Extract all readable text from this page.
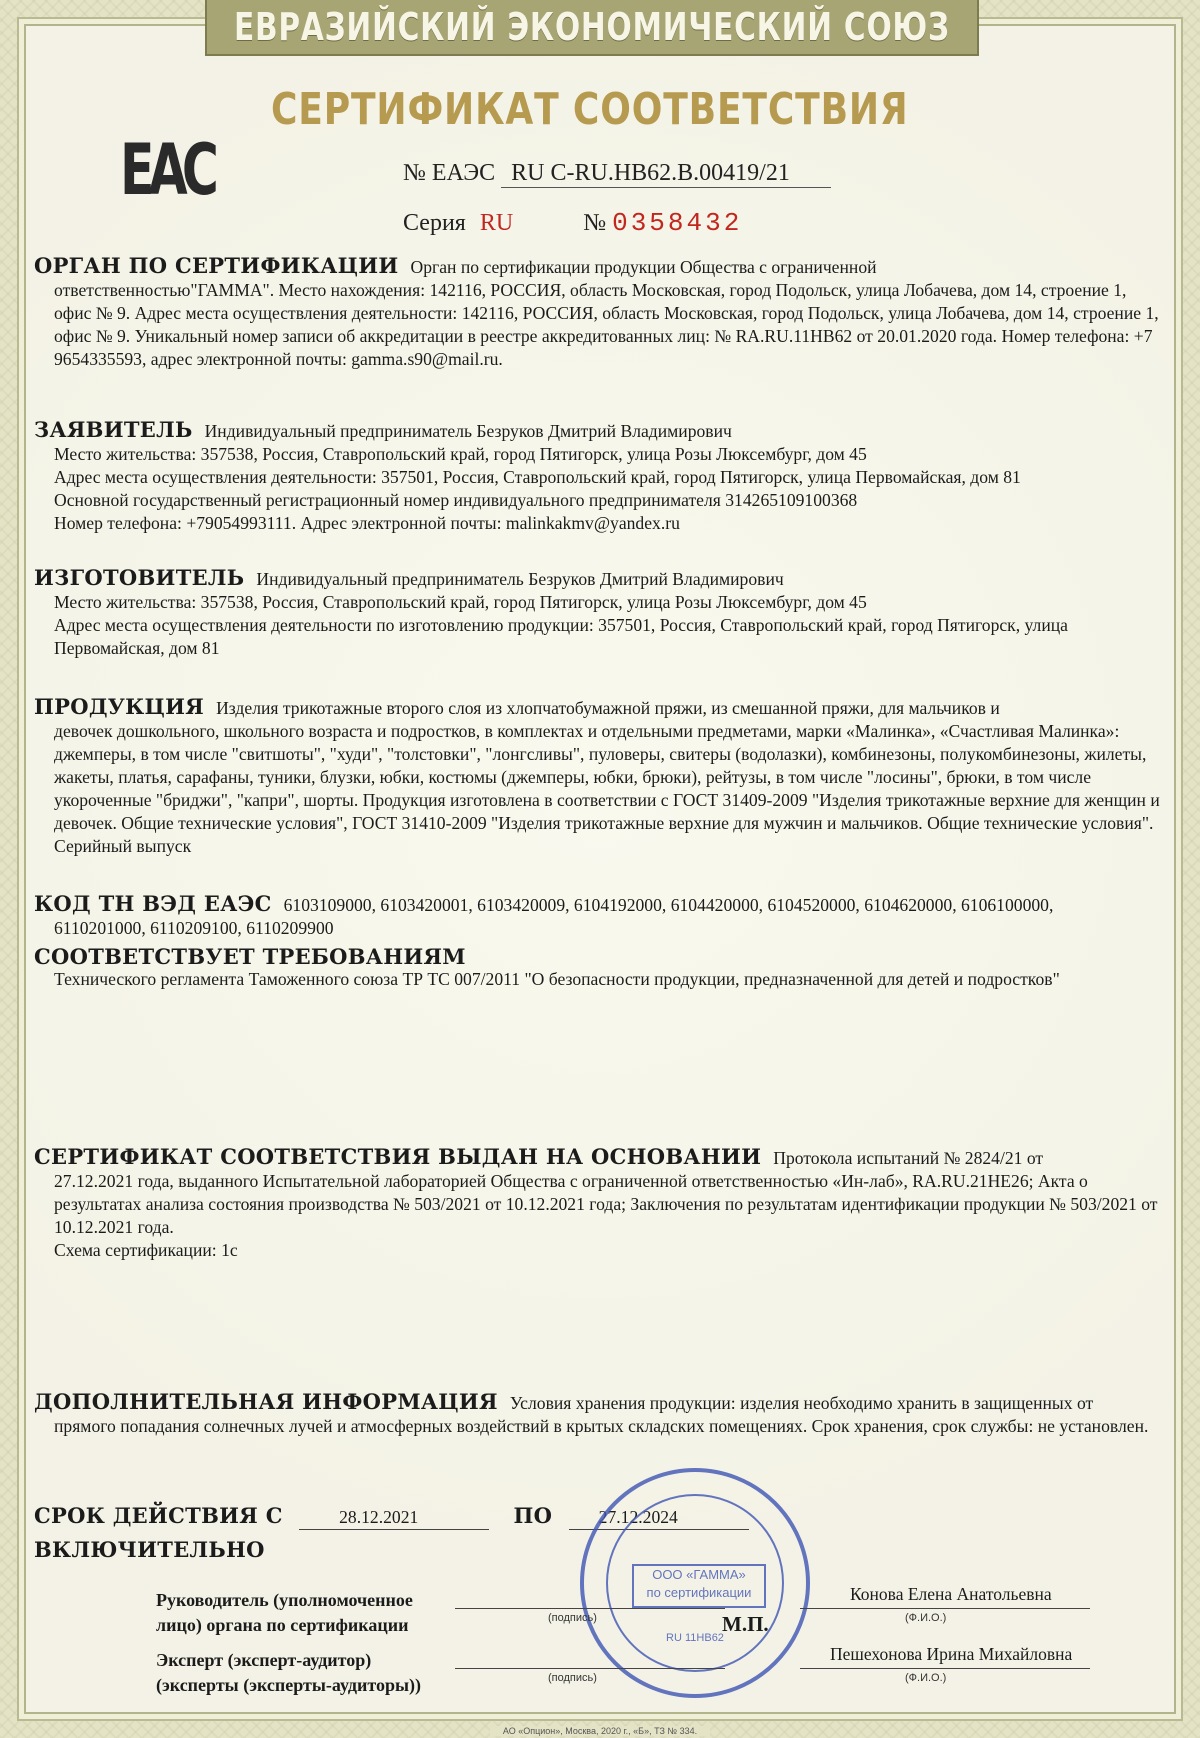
ЕВРАЗИЙСКИЙ ЭКОНОМИЧЕСКИЙ СОЮЗ
СЕРТИФИКАТ СООТВЕТСТВИЯ
ЕАС	№ ЕАЭС RU C-RU.HB62.B.00419/21
Серия RU	№ 0358432
ОРГАН ПО СЕРТИФИКАЦИИ Орган по сертификации продукции Общества с ограниченной
ответственностью"ГАММА". Место нахождения: 142116, РОССИЯ, область Московская, город Подольск, улица Лобачева, дом 14, строение 1, офис № 9. Адрес места осуществления деятельности: 142116, РОССИЯ, область Московская, город Подольск, улица Лобачева, дом 14, строение 1, офис № 9. Уникальный номер записи об аккредитации в реестре аккредитованных лиц: № RA.RU.11HB62 от 20.01.2020 года. Номер телефона: +7 9654335593, адрес электронной почты: gamma.s90@mail.ru.
ЗАЯВИТЕЛЬ Индивидуальный предприниматель Безруков Дмитрий Владимирович

Место жительства: 357538, Россия, Ставропольский край, город Пятигорск, улица Розы Люксембург, дом 45

Адрес места осуществления деятельности: 357501, Россия, Ставропольский край, город Пятигорск, улица Первомайская, дом 81

Основной государственный регистрационный номер индивидуального предпринимателя 314265109100368

Номер телефона: +79054993111. Адрес электронной почты: malinkakmv@yandex.ru

ИЗГОТОВИТЕЛЬ Индивидуальный предприниматель Безруков Дмитрий Владимирович

Место жительства: 357538, Россия, Ставропольский край, город Пятигорск, улица Розы Люксембург, дом 45

Адрес места осуществления деятельности по изготовлению продукции: 357501, Россия, Ставропольский край, город Пятигорск, улица Первомайская, дом 81

ПРОДУКЦИЯ Изделия трикотажные второго слоя из хлопчатобумажной пряжи, из смешанной пряжи, для мальчиков и

девочек дошкольного, школьного возраста и подростков, в комплектах и отдельными предметами, марки «Малинка», «Счастливая Малинка»: джемперы, в том числе "свитшоты", "худи", "толстовки", "лонгсливы", пуловеры, свитеры (водолазки), комбинезоны, полукомбинезоны, жилеты, жакеты, платья, сарафаны, туники, блузки, юбки, костюмы (джемперы, юбки, брюки), рейтузы, в том числе "лосины", брюки, в том числе укороченные "бриджи", "капри", шорты. Продукция изготовлена в соответствии с ГОСТ 31409-2009 "Изделия трикотажные верхние для женщин и девочек. Общие технические условия", ГОСТ 31410-2009 "Изделия трикотажные верхние для мужчин и мальчиков. Общие технические условия".

Серийный выпуск

КОД ТН ВЭД ЕАЭС 6103109000, 6103420001, 6103420009, 6104192000, 6104420000, 6104520000, 6104620000, 6106100000,
6110201000, 6110209100, 6110209900
СООТВЕТСТВУЕТ ТРЕБОВАНИЯМ
Технического регламента Таможенного союза ТР ТС 007/2011 "О безопасности продукции, предназначенной для детей и подростков"
СЕРТИФИКАТ СООТВЕТСТВИЯ ВЫДАН НА ОСНОВАНИИ Протокола испытаний № 2824/21 от

27.12.2021 года, выданного Испытательной лабораторией Общества с ограниченной ответственностью «Ин-лаб», RA.RU.21HE26; Акта о результатах анализа состояния производства № 503/2021 от 10.12.2021 года; Заключения по результатам идентификации продукции № 503/2021 от 10.12.2021 года.

Схема сертификации: 1с

ДОПОЛНИТЕЛЬНАЯ ИНФОРМАЦИЯ Условия хранения продукции: изделия необходимо хранить в защищенных от
прямого попадания солнечных лучей и атмосферных воздействий в крытых складских помещениях. Срок хранения, срок службы: не установлен.
СРОК ДЕЙСТВИЯ С	28.12.2021	ПО	27.12.2024
ВКЛЮЧИТЕЛЬНО
ООО «ГАММА»
по сертификации
RU 11HB62
Руководитель (уполномоченное
лицо) органа по сертификации	(подпись)	М.П.
Конова Елена Анатольевна
(Ф.И.О.)
Эксперт (эксперт-аудитор)
(эксперты (эксперты-аудиторы))	(подпись)
Пешехонова Ирина Михайловна
(Ф.И.О.)
АО «Опцион», Москва, 2020 г., «Б», ТЗ № 334.
